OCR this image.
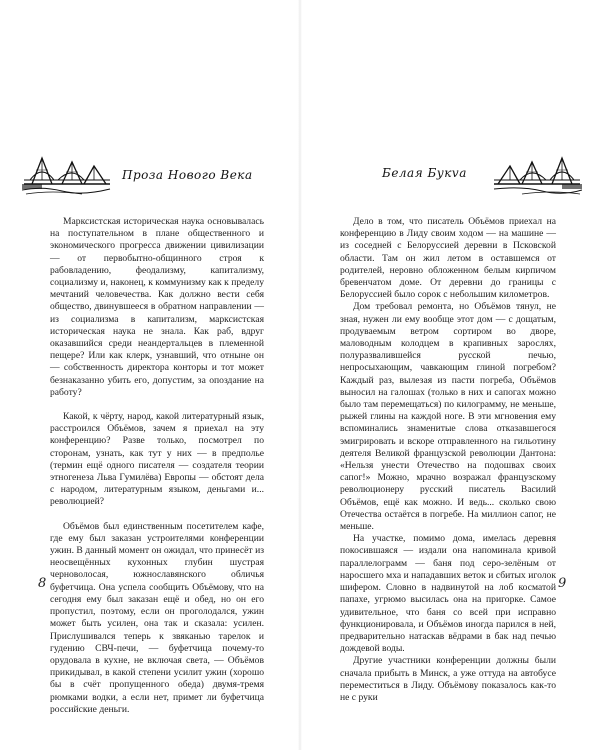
Проза Нового Века

Марксистская историческая наука основывалась на поступательном в плане общественного и экономического прогресса движении цивилизации — от первобытно-общинного строя к рабовладению, феодализму, капитализму, социализму и, наконец, к коммунизму как к пределу мечтаний человечества. Как должно вести себя общество, двинувшееся в обратном направлении — из социализма в капитализм, марксистская историческая наука не знала. Как раб, вдруг оказавшийся среди неандертальцев в племенной пещере? Или как клерк, узнавший, что отныне он — собственность директора конторы и тот может безнаказанно убить его, допустим, за опоздание на работу?

Какой, к чёрту, народ, какой литературный язык, расстроился Объёмов, зачем я приехал на эту конференцию? Разве только, посмотрел по сторонам, узнать, как тут у них — в предполье (термин ещё одного писателя — создателя теории этногенеза Льва Гумилёва) Европы — обстоят дела с народом, литературным языком, деньгами и... революцией?

Объёмов был единственным посетителем кафе, где ему был заказан устроителями конференции ужин. В данный момент он ожидал, что принесёт из неосвещённых кухонных глубин шустрая черноволосая, южнославянского обличья буфетчица. Она успела сообщить Объёмову, что на сегодня ему был заказан ещё и обед, но он его пропустил, поэтому, если он проголодался, ужин может быть усилен, она так и сказала: усилен. Прислушивался теперь к звяканью тарелок и гудению СВЧ-печи, — буфетчица почему-то орудовала в кухне, не включая света, — Объёмов прикидывал, в какой степени усилит ужин (хорошо бы в счёт пропущенного обеда) двумя-тремя рюмками водки, а если нет, примет ли буфетчица российские деньги.

8
Белая Букva

Дело в том, что писатель Объёмов приехал на конференцию в Лиду своим ходом — на машине — из соседней с Белоруссией деревни в Псковской области. Там он жил летом в оставшемся от родителей, неровно обложенном белым кирпичом бревенчатом доме. От деревни до границы с Белоруссией было сорок с небольшим километров.

Дом требовал ремонта, но Объёмов тянул, не зная, нужен ли ему вообще этот дом — с дощатым, продуваемым ветром сортиром во дворе, маловодным колодцем в крапивных зарослях, полуразвалившейся русской печью, непросыхающим, чавкающим глиной погребом? Каждый раз, вылезая из пасти погреба, Объёмов выносил на галошах (только в них и сапогах можно было там перемещаться) по килограмму, не меньше, рыжей глины на каждой ноге. В эти мгновения ему вспоминались знаменитые слова отказавшегося эмигрировать и вскоре отправленного на гильотину деятеля Великой французской революции Дантона: «Нельзя унести Отечество на подошвах своих сапог!» Можно, мрачно возражал французскому революционеру русский писатель Василий Объёмов, ещё как можно. И ведь... сколько свою Отечества остаётся в погребе. На миллион сапог, не меньше.

На участке, помимо дома, имелась деревня покосившаяся — издали она напоминала кривой параллелограмм — баня под серо-зелёным от наросшего мха и нападавших веток и сбитых иголок шифером. Словно в надвинутой на лоб косматой папахе, угрюмо высилась она на пригорке. Самое удивительное, что баня со всей при исправно функционировала, и Объёмов иногда парился в ней, предварительно натаскав вёдрами в бак над печью дождевой воды.

Другие участники конференции должны были сначала прибыть в Минск, а уже оттуда на автобусе переместиться в Лиду. Объёмову показалось как-то не с руки

9
